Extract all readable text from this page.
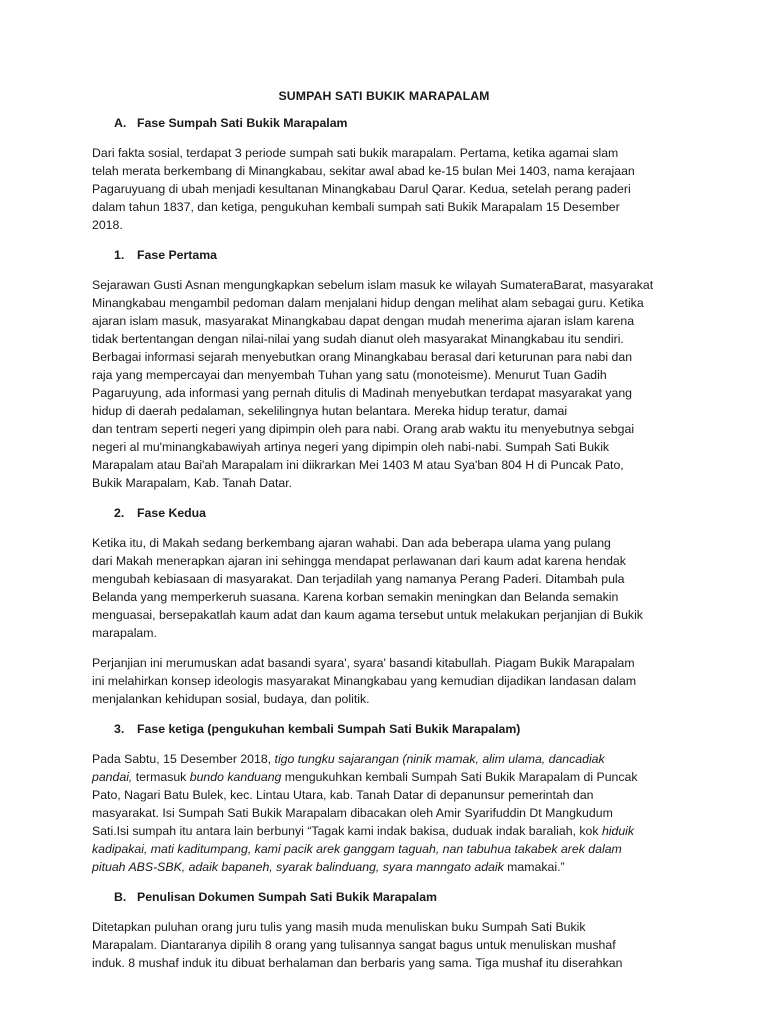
SUMPAH SATI BUKIK MARAPALAM
A. Fase Sumpah Sati Bukik Marapalam

Dari fakta sosial, terdapat 3 periode sumpah sati bukik marapalam. Pertama, ketika agamai slam
telah merata berkembang di Minangkabau, sekitar awal abad ke-15 bulan Mei 1403, nama kerajaan
Pagaruyuang di ubah menjadi kesultanan Minangkabau Darul Qarar. Kedua, setelah perang paderi
dalam tahun 1837, dan ketiga, pengukuhan kembali sumpah sati Bukik Marapalam 15 Desember
2018.

1.	Fase Pertama

Sejarawan Gusti Asnan mengungkapkan sebelum islam masuk ke wilayah SumateraBarat, masyarakat
Minangkabau mengambil pedoman dalam menjalani hidup dengan melihat alam sebagai guru. Ketika
ajaran islam masuk, masyarakat Minangkabau dapat dengan mudah menerima ajaran islam karena
tidak bertentangan dengan nilai-nilai yang sudah dianut oleh masyarakat Minangkabau itu sendiri.
Berbagai informasi sejarah menyebutkan orang Minangkabau berasal dari keturunan para nabi dan
raja yang mempercayai dan menyembah Tuhan yang satu (monoteisme). Menurut Tuan Gadih
Pagaruyung, ada informasi yang pernah ditulis di Madinah menyebutkan terdapat masyarakat yang
hidup di daerah pedalaman, sekelilingnya hutan belantara. Mereka hidup teratur, damai
dan tentram seperti negeri yang dipimpin oleh para nabi. Orang arab waktu itu menyebutnya sebgai
negeri al mu'minangkabawiyah artinya negeri yang dipimpin oleh nabi-nabi. Sumpah Sati Bukik
Marapalam atau Bai'ah Marapalam ini diikrarkan Mei 1403 M atau Sya'ban 804 H di Puncak Pato,
Bukik Marapalam, Kab. Tanah Datar.

2.	Fase Kedua

Ketika itu, di Makah sedang berkembang ajaran wahabi. Dan ada beberapa ulama yang pulang
dari Makah menerapkan ajaran ini sehingga mendapat perlawanan dari kaum adat karena hendak
mengubah kebiasaan di masyarakat. Dan terjadilah yang namanya Perang Paderi. Ditambah pula
Belanda yang memperkeruh suasana. Karena korban semakin meningkan dan Belanda semakin
menguasai, bersepakatlah kaum adat dan kaum agama tersebut untuk melakukan perjanjian di Bukik
marapalam.

Perjanjian ini merumuskan adat basandi syara', syara' basandi kitabullah. Piagam Bukik Marapalam
ini melahirkan konsep ideologis masyarakat Minangkabau yang kemudian dijadikan landasan dalam
menjalankan kehidupan sosial, budaya, dan politik.

3.	Fase ketiga (pengukuhan kembali Sumpah Sati Bukik Marapalam)

Pada Sabtu, 15 Desember 2018, tigo tungku sajarangan (ninik mamak, alim ulama, dancadiak
pandai, termasuk bundo kanduang mengukuhkan kembali Sumpah Sati Bukik Marapalam di Puncak
Pato, Nagari Batu Bulek, kec. Lintau Utara, kab. Tanah Datar di depanunsur pemerintah dan
masyarakat. Isi Sumpah Sati Bukik Marapalam dibacakan oleh Amir Syarifuddin Dt Mangkudum
Sati.Isi sumpah itu antara lain berbunyi “Tagak kami indak bakisa, duduak indak baraliah, kok hiduik
kadipakai, mati kaditumpang, kami pacik arek ganggam taguah, nan tabuhua takabek arek dalam
pituah ABS-SBK, adaik bapaneh, syarak balinduang, syara manngato adaik mamakai.”

B. Penulisan Dokumen Sumpah Sati Bukik Marapalam

Ditetapkan puluhan orang juru tulis yang masih muda menuliskan buku Sumpah Sati Bukik
Marapalam. Diantaranya dipilih 8 orang yang tulisannya sangat bagus untuk menuliskan mushaf
induk. 8 mushaf induk itu dibuat berhalaman dan berbaris yang sama. Tiga mushaf itu diserahkan
